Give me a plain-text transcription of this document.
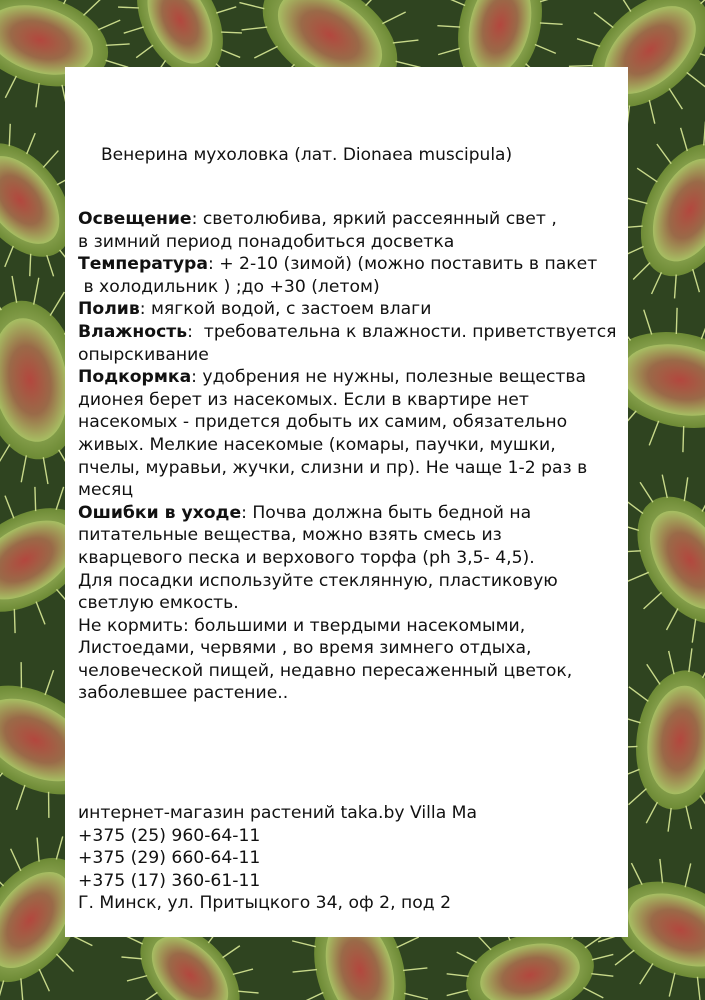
Венерина мухоловка (лат. Dionaea muscipula)
Освещение: светолюбива, яркий рассеянный свет ,
в зимний период понадобиться досветка
Температура: + 2-10 (зимой) (можно поставить в пакет
в холодильник ) ;до +30 (летом)
Полив: мягкой водой, с застоем влаги
Влажность:  требовательна к влажности. приветствуется
опырскивание
Подкормка: удобрения не нужны, полезные вещества
дионея берет из насекомых. Если в квартире нет
насекомых - придется добыть их самим, обязательно
живых. Мелкие насекомые (комары, паучки, мушки,
пчелы, муравьи, жучки, слизни и пр). Не чаще 1-2 раз в
месяц
Ошибки в уходе: Почва должна быть бедной на
питательные вещества, можно взять смесь из
кварцевого песка и верхового торфа (ph 3,5- 4,5).
Для посадки используйте стеклянную, пластиковую
светлую емкость.
Не кормить: большими и твердыми насекомыми,
Листоедами, червями , во время зимнего отдыха,
человеческой пищей, недавно пересаженный цветок,
заболевшее растение..
интернет-магазин растений taka.by Villa Ma
+375 (25) 960-64-11
+375 (29) 660-64-11
+375 (17) 360-61-11
Г. Минск, ул. Притыцкого 34, оф 2, под 2
